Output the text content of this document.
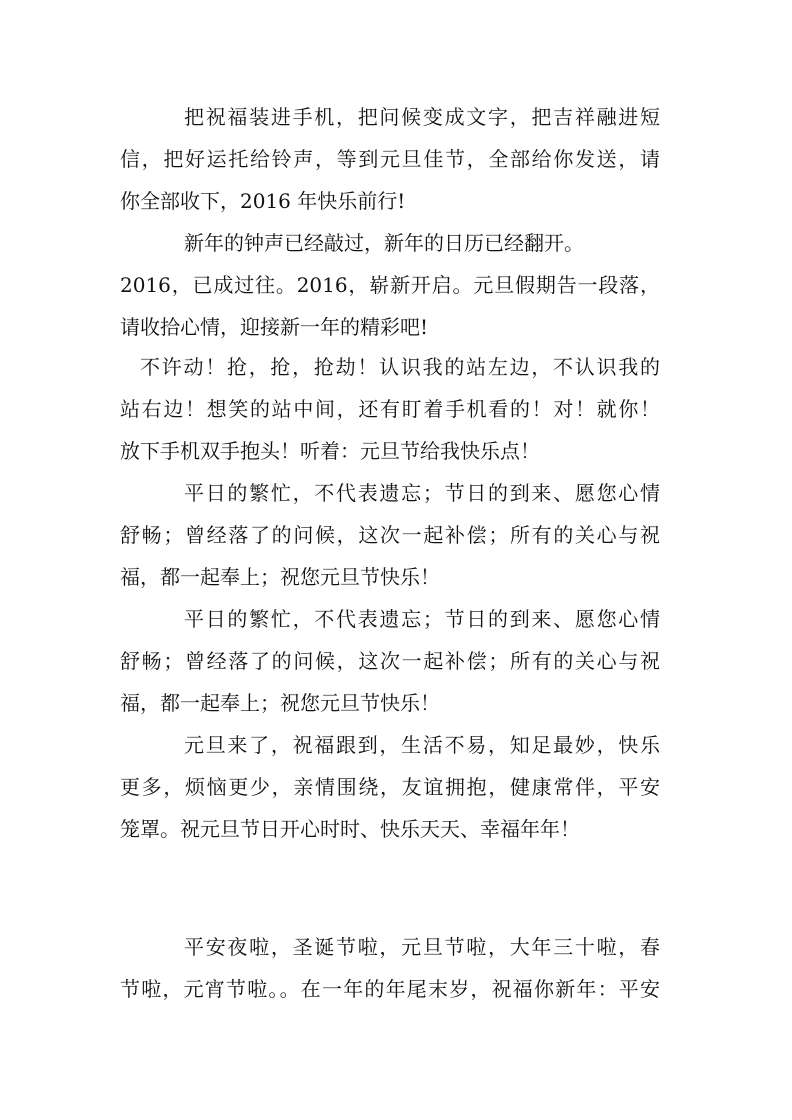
把祝福装进手机，把问候变成文字，把吉祥融进短
信，把好运托给铃声，等到元旦佳节，全部给你发送，请
你全部收下，2016 年快乐前行!
新年的钟声已经敲过，新年的日历已经翻开。
2016，已成过往。2016，崭新开启。元旦假期告一段落，
请收拾心情，迎接新一年的精彩吧!
不许动！抢，抢，抢劫！认识我的站左边，不认识我的
站右边！想笑的站中间，还有盯着手机看的！对！就你！
放下手机双手抱头！听着：元旦节给我快乐点！
平日的繁忙，不代表遗忘；节日的到来、愿您心情
舒畅；曾经落了的问候，这次一起补偿；所有的关心与祝
福，都一起奉上；祝您元旦节快乐！
平日的繁忙，不代表遗忘；节日的到来、愿您心情
舒畅；曾经落了的问候，这次一起补偿；所有的关心与祝
福，都一起奉上；祝您元旦节快乐！
元旦来了，祝福跟到，生活不易，知足最妙，快乐
更多，烦恼更少，亲情围绕，友谊拥抱，健康常伴，平安
笼罩。祝元旦节日开心时时、快乐天天、幸福年年！
平安夜啦，圣诞节啦，元旦节啦，大年三十啦，春
节啦，元宵节啦。。在一年的年尾末岁，祝福你新年：平安
